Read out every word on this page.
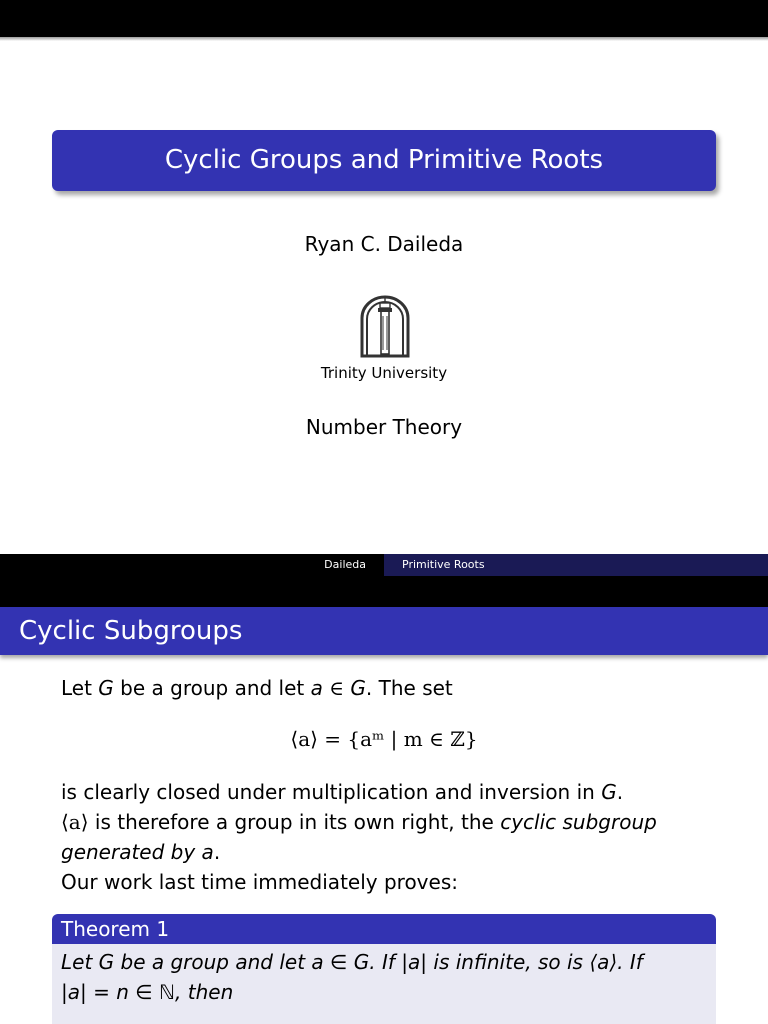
Cyclic Groups and Primitive Roots
Ryan C. Daileda
Trinity University
Number Theory
Daileda	Primitive Roots
Cyclic Subgroups
Let G be a group and let a ∈ G. The set
⟨a⟩ = {aᵐ | m ∈ ℤ}
is clearly closed under multiplication and inversion in G.
⟨a⟩ is therefore a group in its own right, the cyclic subgroup
generated by a.
Our work last time immediately proves:
Theorem 1
Let G be a group and let a ∈ G. If |a| is infinite, so is ⟨a⟩. If
|a| = n ∈ ℕ, then
